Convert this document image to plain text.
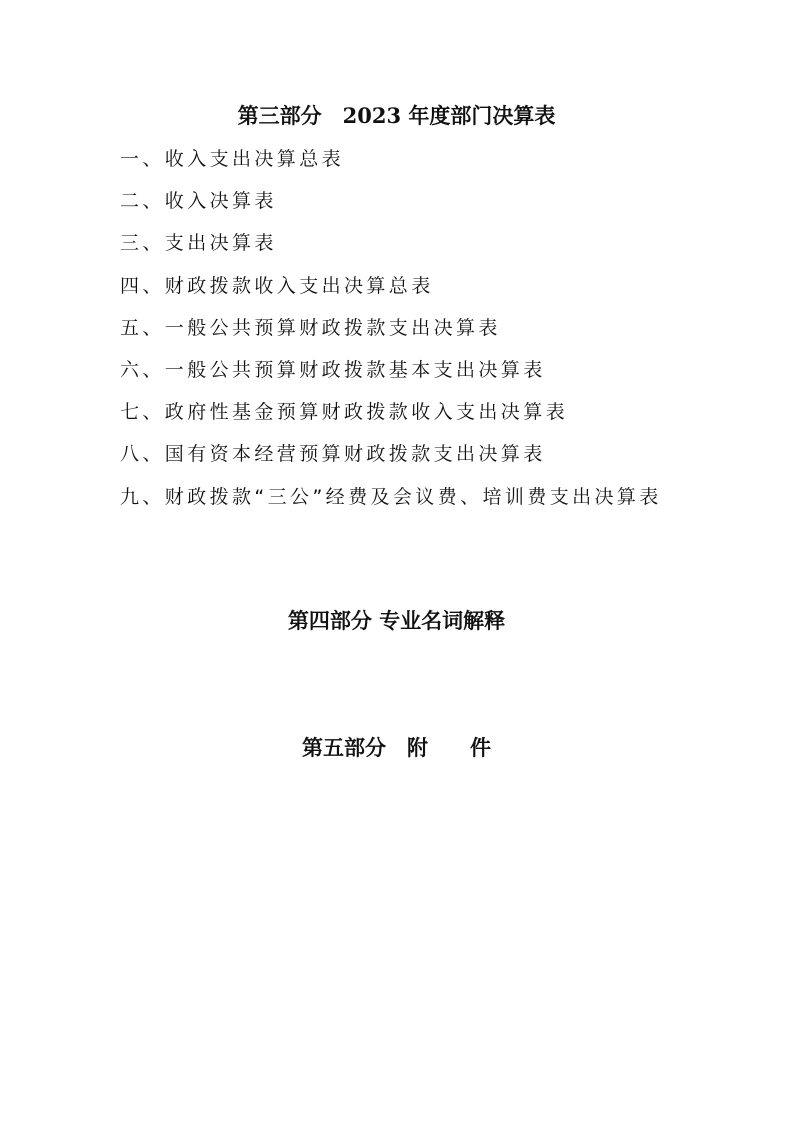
第三部分　2023 年度部门决算表
一、收入支出决算总表
二、收入决算表
三、支出决算表
四、财政拨款收入支出决算总表
五、一般公共预算财政拨款支出决算表
六、一般公共预算财政拨款基本支出决算表
七、政府性基金预算财政拨款收入支出决算表
八、国有资本经营预算财政拨款支出决算表
九、财政拨款“三公”经费及会议费、培训费支出决算表
第四部分 专业名词解释
第五部分　附　　件
